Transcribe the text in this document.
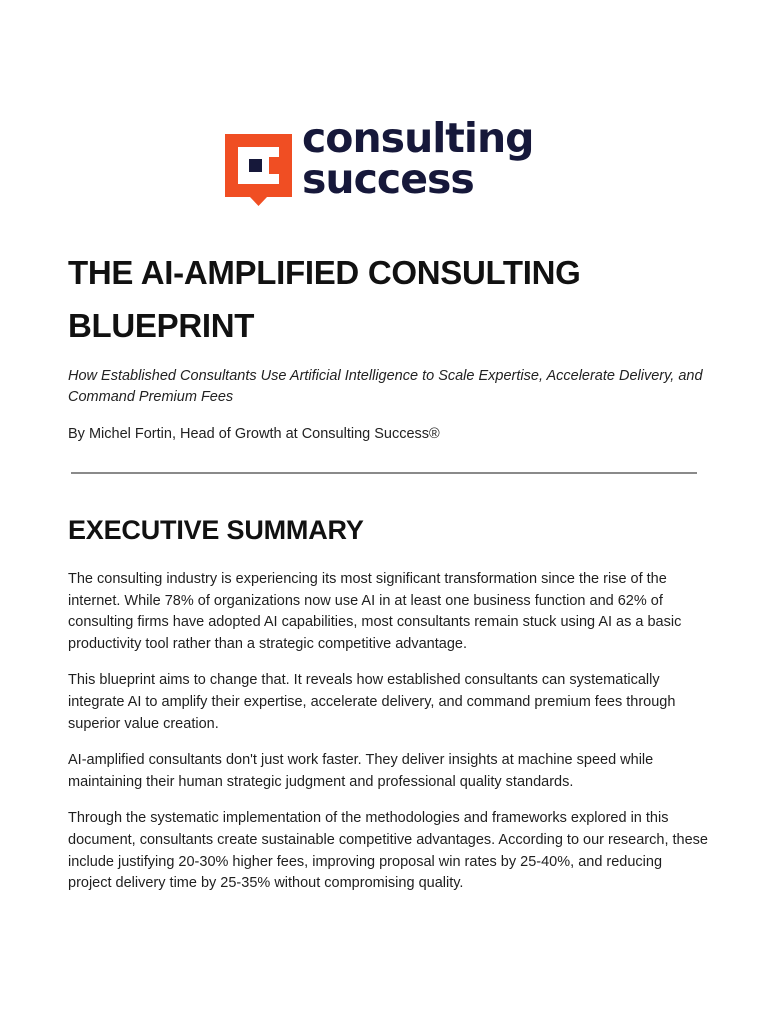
consulting
success
THE AI-AMPLIFIED CONSULTING BLUEPRINT

How Established Consultants Use Artificial Intelligence to Scale Expertise, Accelerate Delivery, and Command Premium Fees

By Michel Fortin, Head of Growth at Consulting Success®

EXECUTIVE SUMMARY

The consulting industry is experiencing its most significant transformation since the rise of the internet. While 78% of organizations now use AI in at least one business function and 62% of consulting firms have adopted AI capabilities, most consultants remain stuck using AI as a basic productivity tool rather than a strategic competitive advantage.

This blueprint aims to change that. It reveals how established consultants can systematically integrate AI to amplify their expertise, accelerate delivery, and command premium fees through superior value creation.

AI-amplified consultants don't just work faster. They deliver insights at machine speed while maintaining their human strategic judgment and professional quality standards.

Through the systematic implementation of the methodologies and frameworks explored in this document, consultants create sustainable competitive advantages. According to our research, these include justifying 20-30% higher fees, improving proposal win rates by 25-40%, and reducing project delivery time by 25-35% without compromising quality.
